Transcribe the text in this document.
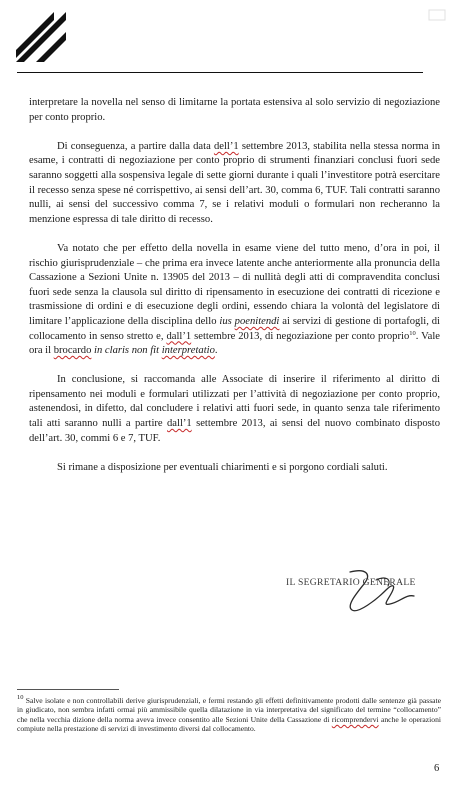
interpretare la novella nel senso di limitarne la portata estensiva al solo servizio di negoziazione per conto proprio.

Di conseguenza, a partire dalla data dell’1 settembre 2013, stabilita nella stessa norma in esame, i contratti di negoziazione per conto proprio di strumenti finanziari conclusi fuori sede saranno soggetti alla sospensiva legale di sette giorni durante i quali l’investitore potrà esercitare il recesso senza spese né corrispettivo, ai sensi dell’art. 30, comma 6, TUF. Tali contratti saranno nulli, ai sensi del successivo comma 7, se i relativi moduli o formulari non recheranno la menzione espressa di tale diritto di recesso.

Va notato che per effetto della novella in esame viene del tutto meno, d’ora in poi, il rischio giurisprudenziale – che prima era invece latente anche anteriormente alla pronuncia della Cassazione a Sezioni Unite n. 13905 del 2013 – di nullità degli atti di compravendita conclusi fuori sede senza la clausola sul diritto di ripensamento in esecuzione dei contratti di ricezione e trasmissione di ordini e di esecuzione degli ordini, essendo chiara la volontà del legislatore di limitare l’applicazione della disciplina dello ius poenitendi ai servizi di gestione di portafogli, di collocamento in senso stretto e, dall’1 settembre 2013, di negoziazione per conto proprio$^{10}$. Vale ora il brocardo in claris non fit interpretatio.

In conclusione, si raccomanda alle Associate di inserire il riferimento al diritto di ripensamento nei moduli e formulari utilizzati per l’attività di negoziazione per conto proprio, astenendosi, in difetto, dal concludere i relativi atti fuori sede, in quanto senza tale riferimento tali atti saranno nulli a partire dall’1 settembre 2013, ai sensi del nuovo combinato disposto dell’art. 30, commi 6 e 7, TUF.

Si rimane a disposizione per eventuali chiarimenti e si porgono cordiali saluti.

IL SEGRETARIO GENERALE

$^{10}$ Salve isolate e non controllabili derive giurisprudenziali, e fermi restando gli effetti definitivamente prodotti dalle sentenze già passate in giudicato, non sembra infatti ormai più ammissibile quella dilatazione in via interpretativa del significato del termine “collocamento” che nella vecchia dizione della norma aveva invece consentito alle Sezioni Unite della Cassazione di ricomprendervi anche le operazioni compiute nella prestazione di servizi di investimento diversi dal collocamento.

6
